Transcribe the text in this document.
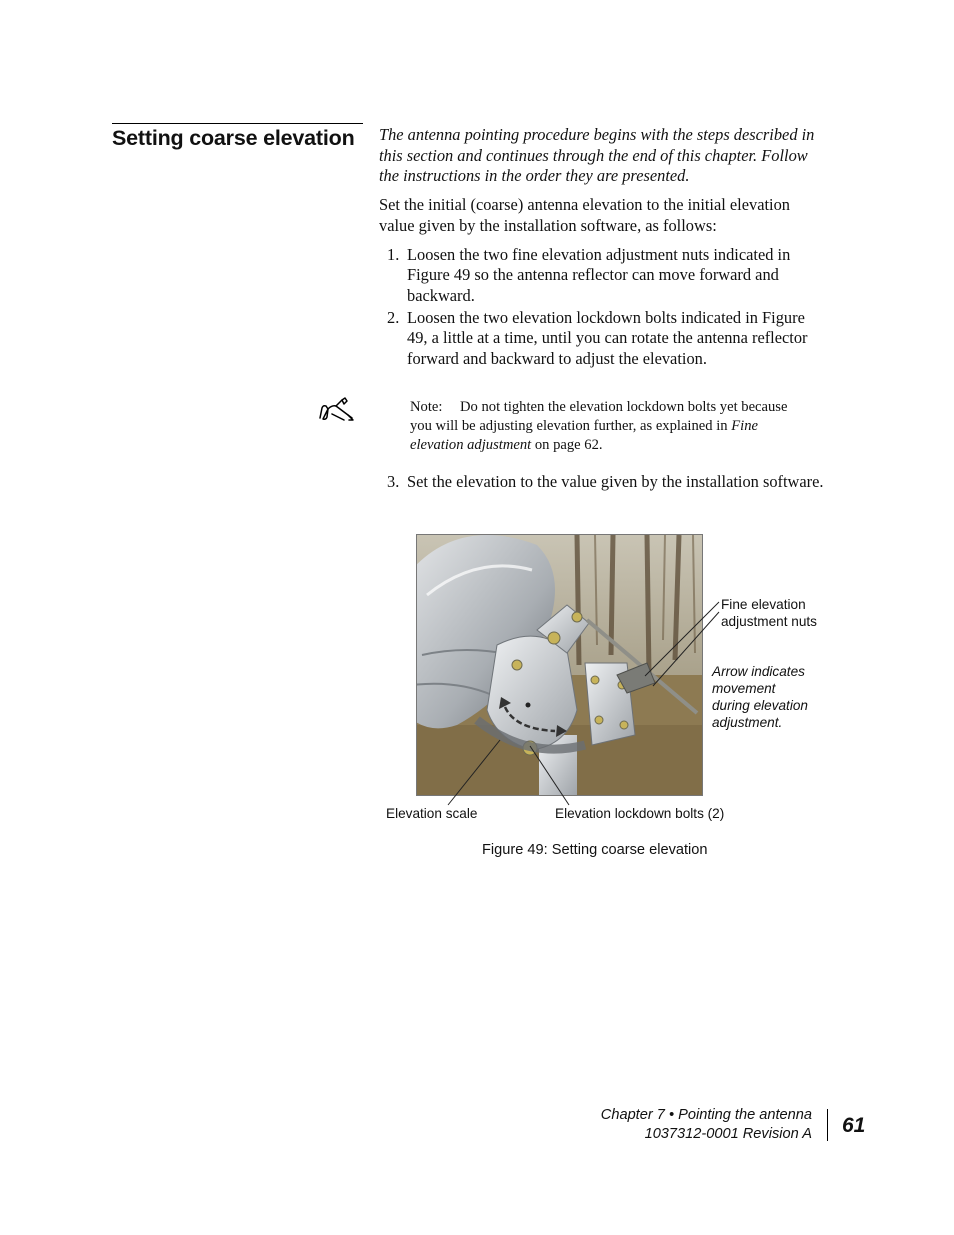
Setting coarse elevation	The antenna pointing procedure begins with the steps described in this section and continues through the end of this chapter. Follow the instructions in the order they are presented.
Set the initial (coarse) antenna elevation to the initial elevation value given by the installation software, as follows:
1. Loosen the two fine elevation adjustment nuts indicated in Figure 49 so the antenna reflector can move forward and backward.
2. Loosen the two elevation lockdown bolts indicated in Figure 49, a little at a time, until you can rotate the antenna reflector forward and backward to adjust the elevation.
3. Set the elevation to the value given by the installation software.
Note: Do not tighten the elevation lockdown bolts yet because you will be adjusting elevation further, as explained in Fine elevation adjustment on page 62.
Fine elevation adjustment nuts
Arrow indicates movement during elevation adjustment.
Elevation scale	Elevation lockdown bolts (2)
Figure 49: Setting coarse elevation
Chapter 7 • Pointing the antenna
1037312-0001 Revision A 61
